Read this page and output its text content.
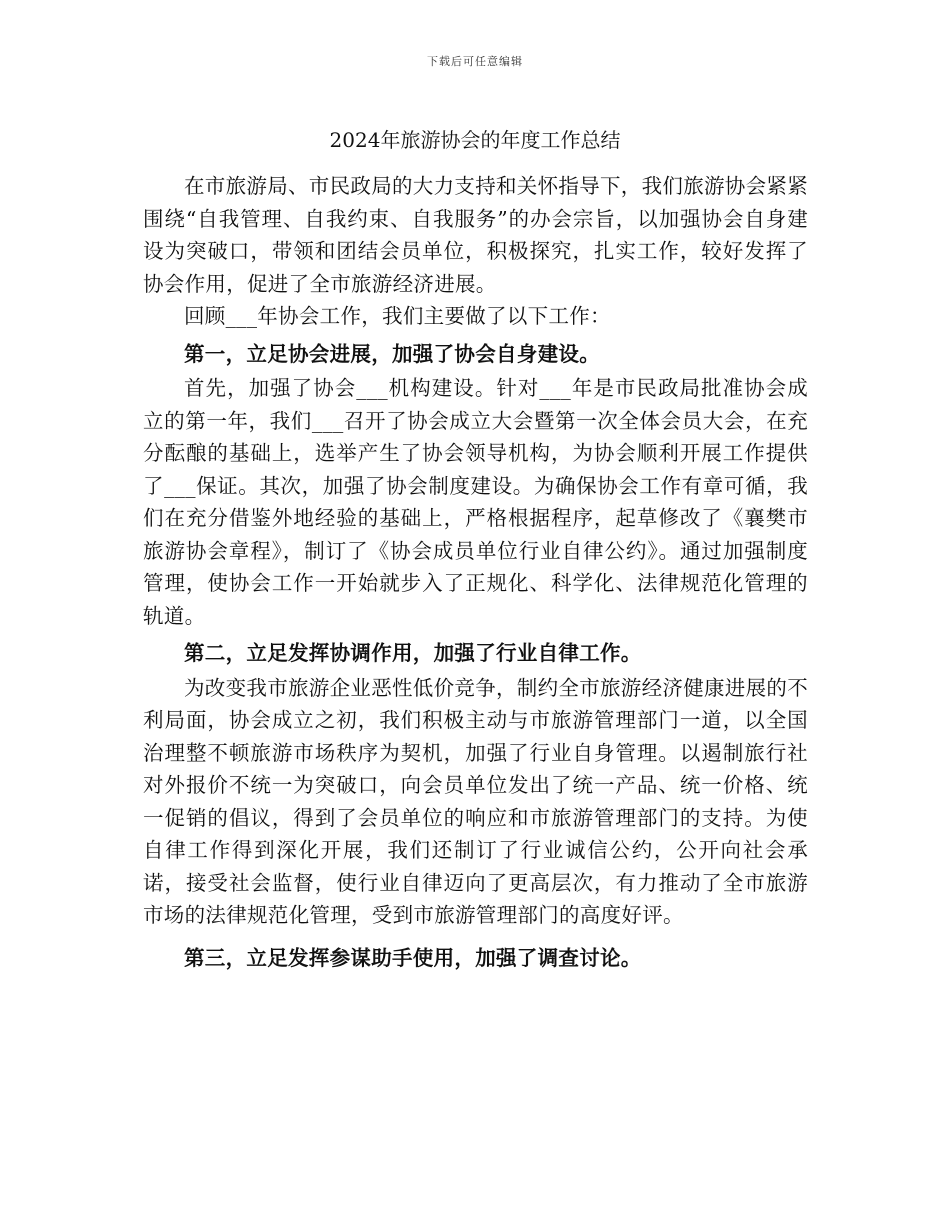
下载后可任意编辑
2024年旅游协会的年度工作总结

在市旅游局、市民政局的大力支持和关怀指导下，我们旅游协会紧紧围绕“自我管理、自我约束、自我服务”的办会宗旨，以加强协会自身建设为突破口，带领和团结会员单位，积极探究，扎实工作，较好发挥了协会作用，促进了全市旅游经济进展。

回顾___年协会工作，我们主要做了以下工作：

第一，立足协会进展，加强了协会自身建设。

首先，加强了协会___机构建设。针对___年是市民政局批准协会成立的第一年，我们___召开了协会成立大会暨第一次全体会员大会，在充分酝酿的基础上，选举产生了协会领导机构，为协会顺利开展工作提供了___保证。其次，加强了协会制度建设。为确保协会工作有章可循，我们在充分借鉴外地经验的基础上，严格根据程序，起草修改了《襄樊市旅游协会章程》，制订了《协会成员单位行业自律公约》。通过加强制度管理，使协会工作一开始就步入了正规化、科学化、法律规范化管理的轨道。

第二，立足发挥协调作用，加强了行业自律工作。

为改变我市旅游企业恶性低价竞争，制约全市旅游经济健康进展的不利局面，协会成立之初，我们积极主动与市旅游管理部门一道，以全国治理整不顿旅游市场秩序为契机，加强了行业自身管理。以遏制旅行社对外报价不统一为突破口，向会员单位发出了统一产品、统一价格、统一促销的倡议，得到了会员单位的响应和市旅游管理部门的支持。为使自律工作得到深化开展，我们还制订了行业诚信公约，公开向社会承诺，接受社会监督，使行业自律迈向了更高层次，有力推动了全市旅游市场的法律规范化管理，受到市旅游管理部门的高度好评。

第三，立足发挥参谋助手使用，加强了调查讨论。
